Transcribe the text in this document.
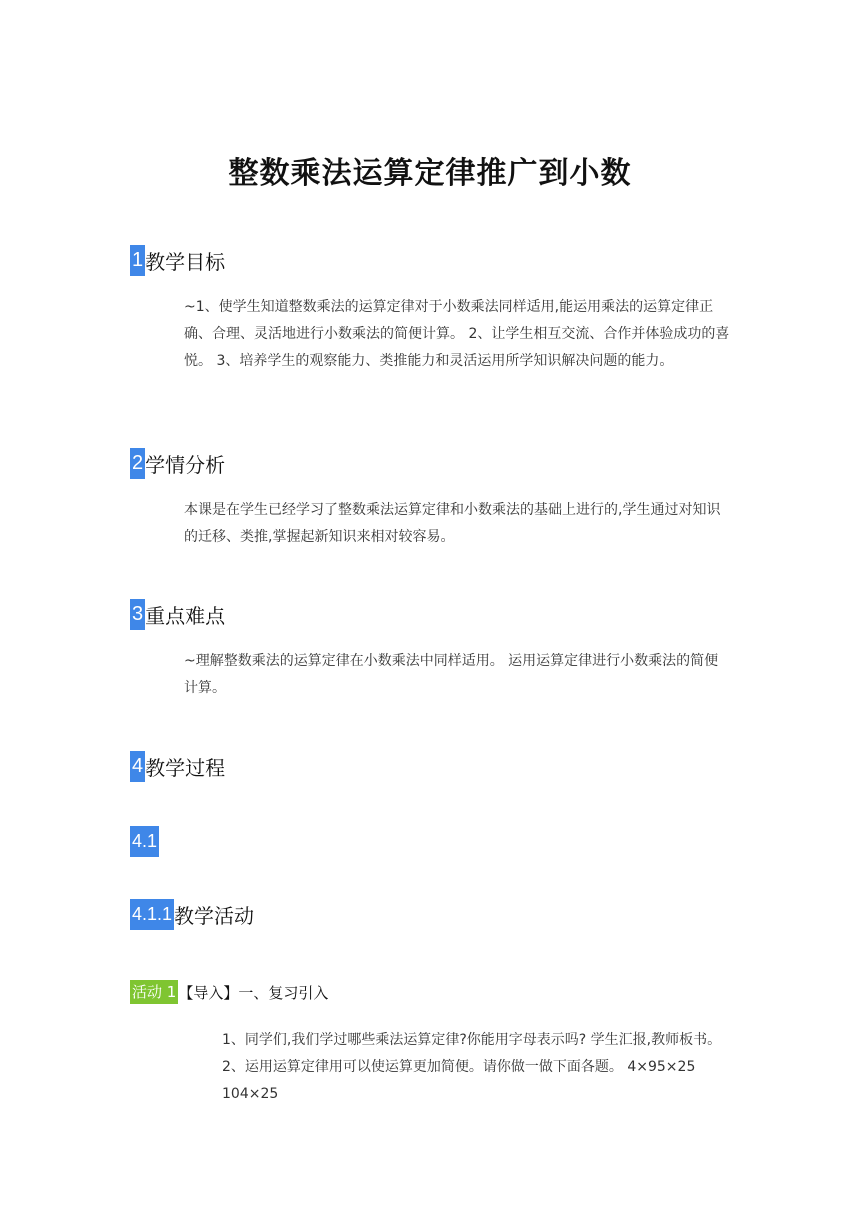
整数乘法运算定律推广到小数
1 教学目标
~1、使学生知道整数乘法的运算定律对于小数乘法同样适用,能运用乘法的运算定律正确、合理、灵活地进行小数乘法的简便计算。 2、让学生相互交流、合作并体验成功的喜悦。 3、培养学生的观察能力、类推能力和灵活运用所学知识解决问题的能力。
2 学情分析
本课是在学生已经学习了整数乘法运算定律和小数乘法的基础上进行的,学生通过对知识的迁移、类推,掌握起新知识来相对较容易。
3 重点难点
~理解整数乘法的运算定律在小数乘法中同样适用。 运用运算定律进行小数乘法的简便计算。
4 教学过程
4.1
4.1.1 教学活动
活动 1 【导入】一、复习引入
1、同学们,我们学过哪些乘法运算定律?你能用字母表示吗? 学生汇报,教师板书。 2、运用运算定律用可以使运算更加简便。请你做一做下面各题。 4×95×25 104×25
